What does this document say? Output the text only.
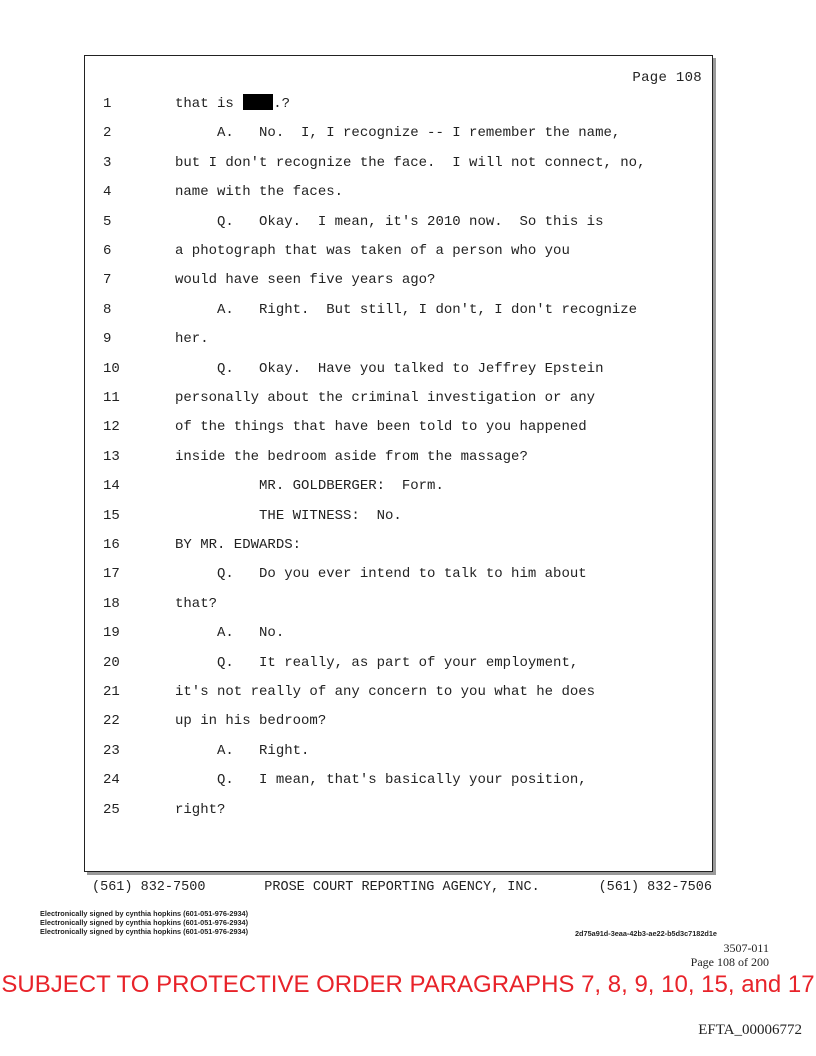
Page 108
1	that is .?
2	A.   No.  I, I recognize -- I remember the name,
3	but I don't recognize the face.  I will not connect, no,
4	name with the faces.
5	Q.   Okay.  I mean, it's 2010 now.  So this is
6	a photograph that was taken of a person who you
7	would have seen five years ago?
8	A.   Right.  But still, I don't, I don't recognize
9	her.
10	Q.   Okay.  Have you talked to Jeffrey Epstein
11	personally about the criminal investigation or any
12	of the things that have been told to you happened
13	inside the bedroom aside from the massage?
14	MR. GOLDBERGER:  Form.
15	THE WITNESS:  No.
16	BY MR. EDWARDS:
17	Q.   Do you ever intend to talk to him about
18	that?
19	A.   No.
20	Q.   It really, as part of your employment,
21	it's not really of any concern to you what he does
22	up in his bedroom?
23	A.   Right.
24	Q.   I mean, that's basically your position,
25	right?
(561) 832-7500	PROSE COURT REPORTING AGENCY, INC.	(561) 832-7506
Electronically signed by cynthia hopkins (601-051-976-2934)
Electronically signed by cynthia hopkins (601-051-976-2934)
Electronically signed by cynthia hopkins (601-051-976-2934)	2d75a91d-3eaa-42b3-ae22-b5d3c7182d1e
3507-011
Page 108 of 200
SUBJECT TO PROTECTIVE ORDER PARAGRAPHS 7, 8, 9, 10, 15, and 17
EFTA_00006772
